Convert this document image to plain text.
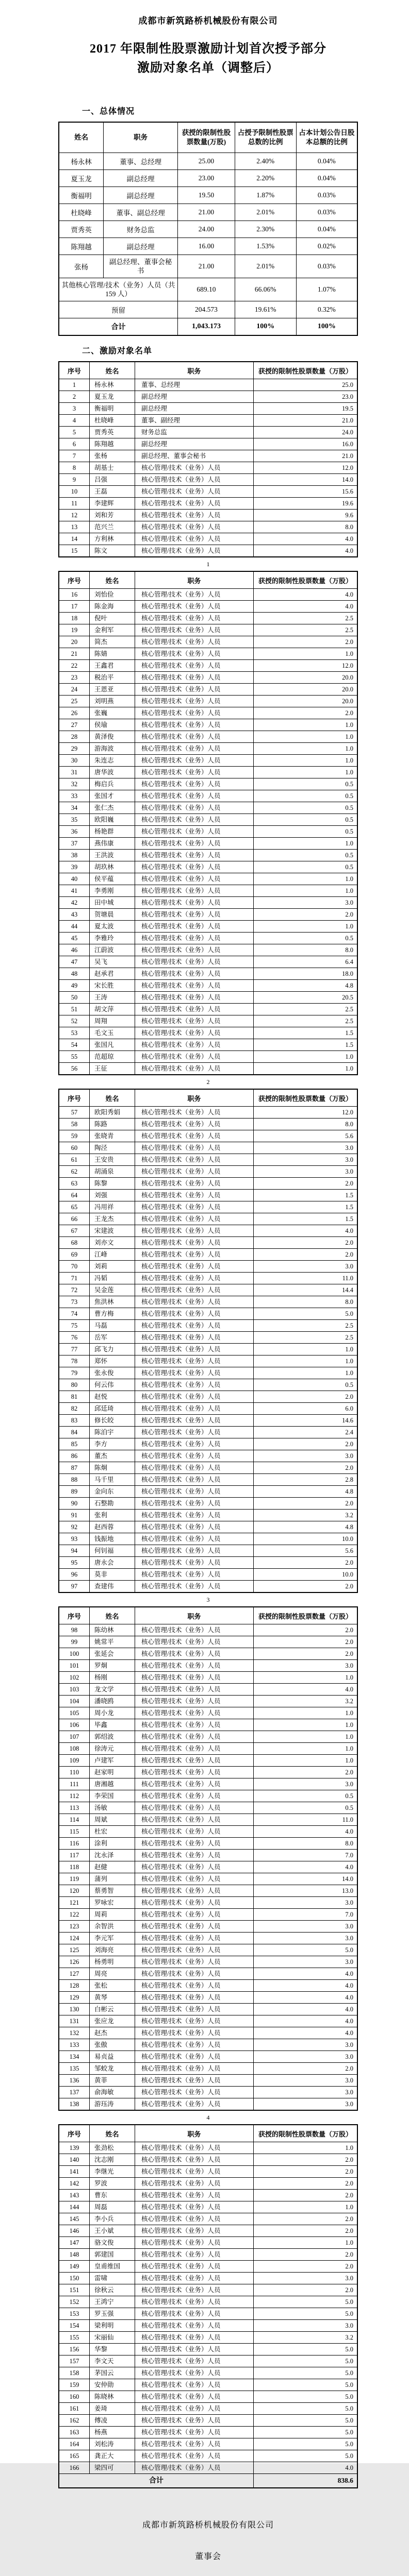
成都市新筑路桥机械股份有限公司
2017 年限制性股票激励计划首次授予部分
激励对象名单（调整后）
一、总体情况
姓名	职务	获授的限制性股票数量(万股)	占授予限制性股票总数的比例	占本计划公告日股本总额的比例
杨永林	董事、总经理	25.00	2.40%	0.04%
夏玉龙	副总经理	23.00	2.20%	0.04%
衡福明	副总经理	19.50	1.87%	0.03%
杜晓峰	董事、副总经理	21.00	2.01%	0.03%
贾秀英	财务总监	24.00	2.30%	0.04%
陈翔越	副总经理	16.00	1.53%	0.02%
张杨	副总经理、董事会秘书	21.00	2.01%	0.03%
其他核心管理/技术（业务）人员（共 159 人）		689.10	66.06%	1.07%
预留		204.573	19.61%	0.32%
合计		1,043.173	100%	100%
二、激励对象名单
序号	姓名	职务	获授的限制性股票数量（万股）
1	杨永林	董事、总经理	25.0
2	夏玉龙	副总经理	23.0
3	衡福明	副总经理	19.5
4	杜晓峰	董事、副经理	21.0
5	贾秀英	财务总监	24.0
6	陈翔越	副总经理	16.0
7	张杨	副总经理、董事会秘书	21.0
8	胡基士	核心管理/技术（业务）人员	12.0
9	吕强	核心管理/技术（业务）人员	14.0
10	王磊	核心管理/技术（业务）人员	15.6
11	李建辉	核心管理/技术（业务）人员	19.6
12	刘和芳	核心管理/技术（业务）人员	9.6
13	范兴兰	核心管理/技术（业务）人员	8.0
14	方利林	核心管理/技术（业务）人员	4.0
15	陈文	核心管理/技术（业务）人员	4.0
1
序号	姓名	职务	获授的限制性股票数量（万股）
16	刘怡俭	核心管理/技术（业务）人员	4.0
17	陈金海	核心管理/技术（业务）人员	4.0
18	倪叶	核心管理/技术（业务）人员	2.5
19	金利军	核心管理/技术（业务）人员	2.5
20	简杰	核心管理/技术（业务）人员	2.0
21	陈婧	核心管理/技术（业务）人员	1.0
22	王鑫君	核心管理/技术（业务）人员	12.0
23	税治平	核心管理/技术（业务）人员	20.0
24	王恩亚	核心管理/技术（业务）人员	20.0
25	刘明燕	核心管理/技术（业务）人员	20.0
26	张巍	核心管理/技术（业务）人员	2.0
27	侯瑜	核心管理/技术（业务）人员	1.0
28	黄泽俊	核心管理/技术（业务）人员	1.0
29	游海波	核心管理/技术（业务）人员	1.0
30	朱连志	核心管理/技术（业务）人员	1.0
31	唐华波	核心管理/技术（业务）人员	1.0
32	梅启兵	核心管理/技术（业务）人员	0.5
33	张国才	核心管理/技术（业务）人员	0.5
34	张仁杰	核心管理/技术（业务）人员	0.5
35	欧阳巍	核心管理/技术（业务）人员	0.5
36	杨艳群	核心管理/技术（业务）人员	0.5
37	燕伟康	核心管理/技术（业务）人员	1.0
38	王洪波	核心管理/技术（业务）人员	0.5
39	胡玖林	核心管理/技术（业务）人员	0.5
40	侯平蕴	核心管理/技术（业务）人员	1.0
41	李勇刚	核心管理/技术（业务）人员	1.0
42	田中城	核心管理/技术（业务）人员	3.0
43	贺塘晨	核心管理/技术（业务）人员	2.0
44	夏太波	核心管理/技术（业务）人员	1.0
45	李雅玲	核心管理/技术（业务）人员	0.5
46	江蔚波	核心管理/技术（业务）人员	8.0
47	吴飞	核心管理/技术（业务）人员	6.4
48	赵承君	核心管理/技术（业务）人员	18.0
49	宋长胜	核心管理/技术（业务）人员	4.8
50	王涛	核心管理/技术（业务）人员	20.5
51	胡文萍	核心管理/技术（业务）人员	2.5
52	周翔	核心管理/技术（业务）人员	2.5
53	毛文玉	核心管理/技术（业务）人员	1.5
54	张国凡	核心管理/技术（业务）人员	1.5
55	范超琼	核心管理/技术（业务）人员	1.0
56	王征	核心管理/技术（业务）人员	1.0
2
序号	姓名	职务	获授的限制性股票数量（万股）
57	欧阳秀娟	核心管理/技术（业务）人员	12.0
58	陈路	核心管理/技术（业务）人员	8.0
59	张晓青	核心管理/技术（业务）人员	5.6
60	陶泾	核心管理/技术（业务）人员	3.0
61	王安贵	核心管理/技术（业务）人员	3.0
62	胡涌泉	核心管理/技术（业务）人员	3.0
63	陈黎	核心管理/技术（业务）人员	2.0
64	刘强	核心管理/技术（业务）人员	1.5
65	冯用祥	核心管理/技术（业务）人员	1.5
66	王龙杰	核心管理/技术（业务）人员	1.5
67	宋建波	核心管理/技术（业务）人员	4.0
68	刘亦文	核心管理/技术（业务）人员	2.0
69	江峰	核心管理/技术（业务）人员	2.0
70	刘莉	核心管理/技术（业务）人员	3.0
71	冯韬	核心管理/技术（业务）人员	11.0
72	吴金莲	核心管理/技术（业务）人员	14.4
73	焦洪林	核心管理/技术（业务）人员	8.0
74	曹方梅	核心管理/技术（业务）人员	5.0
75	马磊	核心管理/技术（业务）人员	2.5
76	岳军	核心管理/技术（业务）人员	2.5
77	邱飞力	核心管理/技术（业务）人员	1.0
78	郑怀	核心管理/技术（业务）人员	1.0
79	张永俊	核心管理/技术（业务）人员	1.0
80	何云伟	核心管理/技术（业务）人员	0.5
81	赵悦	核心管理/技术（业务）人员	2.0
82	邱廷琦	核心管理/技术（业务）人员	6.0
83	修长皎	核心管理/技术（业务）人员	14.6
84	陈泊宇	核心管理/技术（业务）人员	2.4
85	李方	核心管理/技术（业务）人员	2.0
86	董杰	核心管理/技术（业务）人员	3.0
87	陈炯	核心管理/技术（业务）人员	2.0
88	马千里	核心管理/技术（业务）人员	2.8
89	金向东	核心管理/技术（业务）人员	4.8
90	石整勘	核心管理/技术（业务）人员	2.0
91	张利	核心管理/技术（业务）人员	3.2
92	赵西蓉	核心管理/技术（业务）人员	4.8
93	钱振地	核心管理/技术（业务）人员	10.0
94	何钊福	核心管理/技术（业务）人员	5.6
95	唐永会	核心管理/技术（业务）人员	2.0
96	莫非	核心管理/技术（业务）人员	10.0
97	查建伟	核心管理/技术（业务）人员	2.0
3
序号	姓名	职务	获授的限制性股票数量（万股）
98	陈幼林	核心管理/技术（业务）人员	2.0
99	姚常平	核心管理/技术（业务）人员	2.0
100	张延会	核心管理/技术（业务）人员	2.0
101	罗炯	核心管理/技术（业务）人员	3.0
102	杨刚	核心管理/技术（业务）人员	1.0
103	龙文学	核心管理/技术（业务）人员	4.0
104	潘晓鸥	核心管理/技术（业务）人员	3.2
105	周小龙	核心管理/技术（业务）人员	1.0
106	毕鑫	核心管理/技术（业务）人员	1.0
107	郭绍波	核心管理/技术（业务）人员	1.0
108	徐涛元	核心管理/技术（业务）人员	1.0
109	卢建军	核心管理/技术（业务）人员	1.0
110	赵家明	核心管理/技术（业务）人员	2.0
111	唐湘越	核心管理/技术（业务）人员	3.0
112	李荣国	核心管理/技术（业务）人员	0.5
113	汤敏	核心管理/技术（业务）人员	0.5
114	周斌	核心管理/技术（业务）人员	11.0
115	杜宏	核心管理/技术（业务）人员	4.0
116	涂利	核心管理/技术（业务）人员	8.0
117	沈永泽	核心管理/技术（业务）人员	7.0
118	赵健	核心管理/技术（业务）人员	4.0
119	蒲列	核心管理/技术（业务）人员	14.0
120	蔡勇智	核心管理/技术（业务）人员	13.0
121	罗咏宏	核心管理/技术（业务）人员	3.0
122	周莉	核心管理/技术（业务）人员	7.0
123	余智洪	核心管理/技术（业务）人员	3.0
124	李元军	核心管理/技术（业务）人员	3.0
125	刘海亮	核心管理/技术（业务）人员	5.0
126	杨勇明	核心管理/技术（业务）人员	3.0
127	周亮	核心管理/技术（业务）人员	4.0
128	张松	核心管理/技术（业务）人员	4.0
129	黄琴	核心管理/技术（业务）人员	4.0
130	白彬云	核心管理/技术（业务）人员	4.0
131	张应龙	核心管理/技术（业务）人员	4.0
132	赵杰	核心管理/技术（业务）人员	4.0
133	张傲	核心管理/技术（业务）人员	3.0
134	易贞益	核心管理/技术（业务）人员	3.0
135	邹蛟龙	核心管理/技术（业务）人员	2.0
136	黄菲	核心管理/技术（业务）人员	3.0
137	俞海敏	核心管理/技术（业务）人员	3.0
138	游珏涛	核心管理/技术（业务）人员	3.0
4
序号	姓名	职务	获授的限制性股票数量（万股）
139	张劲松	核心管理/技术（业务）人员	1.0
140	沈志刚	核心管理/技术（业务）人员	2.0
141	李继光	核心管理/技术（业务）人员	2.0
142	罗波	核心管理/技术（业务）人员	2.0
143	曹东	核心管理/技术（业务）人员	2.0
144	周磊	核心管理/技术（业务）人员	1.0
145	李小兵	核心管理/技术（业务）人员	2.0
146	王小斌	核心管理/技术（业务）人员	2.0
147	骆文俊	核心管理/技术（业务）人员	1.0
148	郭建国	核心管理/技术（业务）人员	2.0
149	皇甫维国	核心管理/技术（业务）人员	2.0
150	雷啸	核心管理/技术（业务）人员	3.0
151	徐秋云	核心管理/技术（业务）人员	2.0
152	王鸿宁	核心管理/技术（业务）人员	5.0
153	罗玉强	核心管理/技术（业务）人员	5.0
154	梁利明	核心管理/技术（业务）人员	3.0
155	宋丽仙	核心管理/技术（业务）人员	3.2
156	华黎	核心管理/技术（业务）人员	5.0
157	李文天	核心管理/技术（业务）人员	5.0
158	茅国云	核心管理/技术（业务）人员	5.0
159	安仲勋	核心管理/技术（业务）人员	5.0
160	陈晓林	核心管理/技术（业务）人员	5.0
161	姜琦	核心管理/技术（业务）人员	5.0
162	傅凌	核心管理/技术（业务）人员	5.0
163	杨燕	核心管理/技术（业务）人员	5.0
164	刘松涛	核心管理/技术（业务）人员	5.0
165	龚正大	核心管理/技术（业务）人员	5.0
166	梁四可	核心管理/技术（业务）人员	4.0
合计			838.6
成都市新筑路桥机械股份有限公司
董事会
